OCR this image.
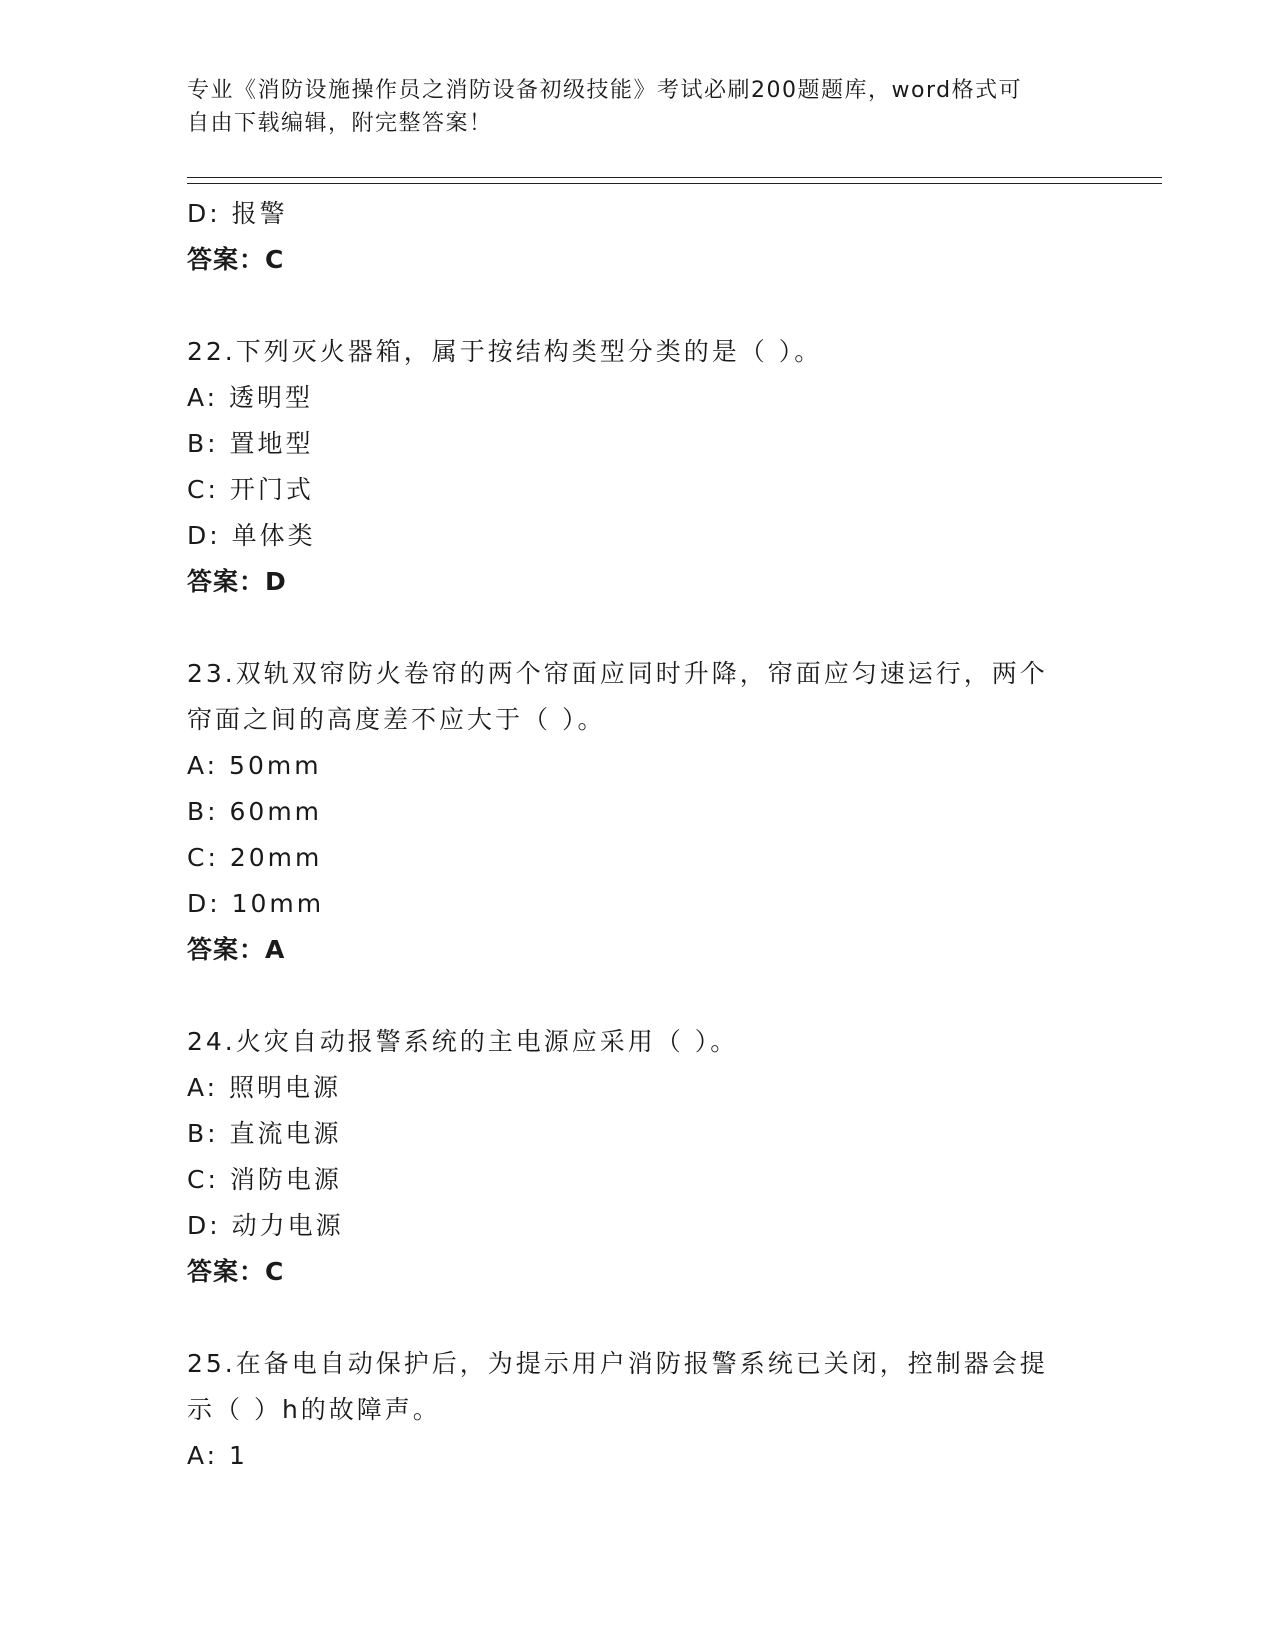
专业《消防设施操作员之消防设备初级技能》考试必刷200题题库，word格式可
自由下载编辑，附完整答案！
D: 报警
答案：C
22.下列灭火器箱，属于按结构类型分类的是（ ）。
A: 透明型
B: 置地型
C: 开门式
D: 单体类
答案：D
23.双轨双帘防火卷帘的两个帘面应同时升降，帘面应匀速运行，两个
帘面之间的高度差不应大于（ ）。
A: 50mm
B: 60mm
C: 20mm
D: 10mm
答案：A
24.火灾自动报警系统的主电源应采用（ ）。
A: 照明电源
B: 直流电源
C: 消防电源
D: 动力电源
答案：C
25.在备电自动保护后，为提示用户消防报警系统已关闭，控制器会提
示（ ）h的故障声。
A: 1
